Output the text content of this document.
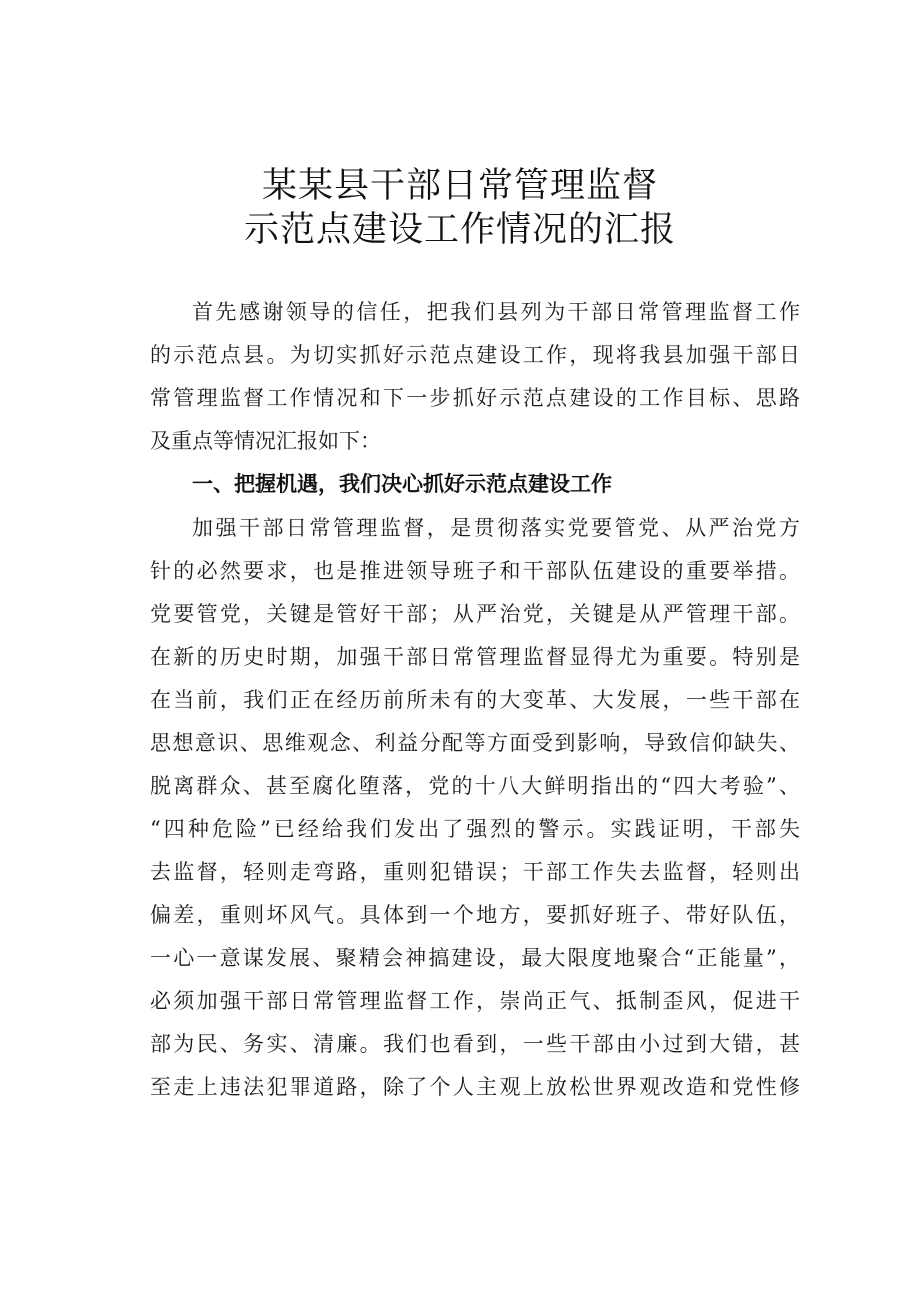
某某县干部日常管理监督
示范点建设工作情况的汇报
首先感谢领导的信任，把我们县列为干部日常管理监督工作
的示范点县。为切实抓好示范点建设工作，现将我县加强干部日
常管理监督工作情况和下一步抓好示范点建设的工作目标、思路
及重点等情况汇报如下：
一、把握机遇，我们决心抓好示范点建设工作
加强干部日常管理监督，是贯彻落实党要管党、从严治党方
针的必然要求，也是推进领导班子和干部队伍建设的重要举措。
党要管党，关键是管好干部；从严治党，关键是从严管理干部。
在新的历史时期，加强干部日常管理监督显得尤为重要。特别是
在当前，我们正在经历前所未有的大变革、大发展，一些干部在
思想意识、思维观念、利益分配等方面受到影响，导致信仰缺失、
脱离群众、甚至腐化堕落，党的十八大鲜明指出的“四大考验”、
“四种危险”已经给我们发出了强烈的警示。实践证明，干部失
去监督，轻则走弯路，重则犯错误；干部工作失去监督，轻则出
偏差，重则坏风气。具体到一个地方，要抓好班子、带好队伍，
一心一意谋发展、聚精会神搞建设，最大限度地聚合“正能量”，
必须加强干部日常管理监督工作，崇尚正气、抵制歪风，促进干
部为民、务实、清廉。我们也看到，一些干部由小过到大错，甚
至走上违法犯罪道路，除了个人主观上放松世界观改造和党性修
